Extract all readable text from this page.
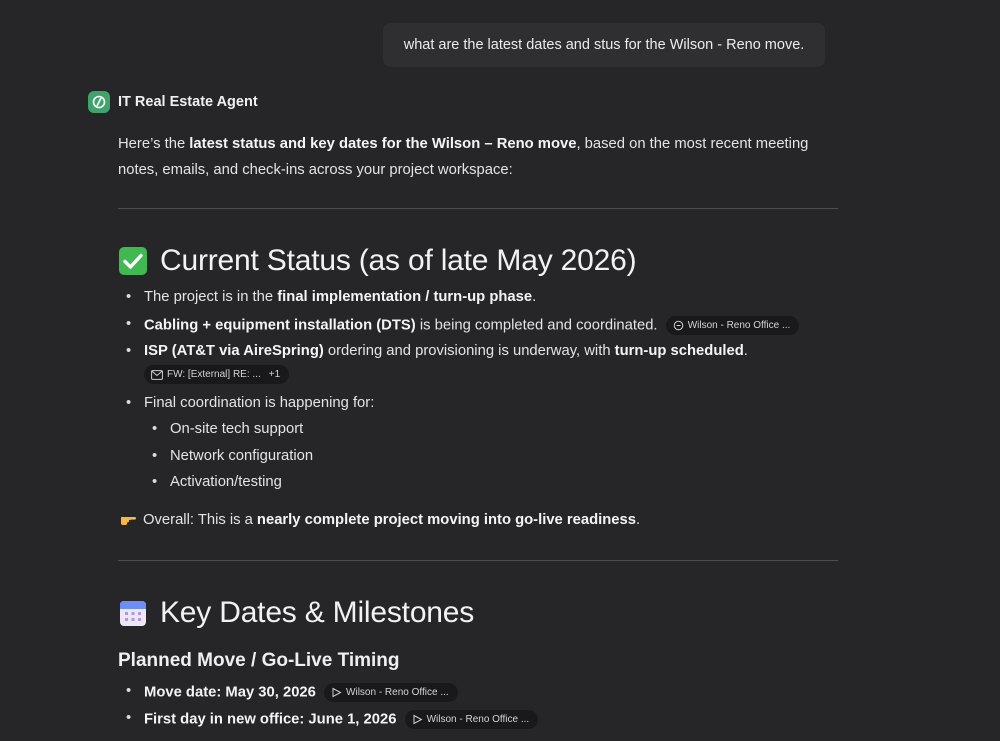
what are the latest dates and stus for the Wilson - Reno move.
IT Real Estate Agent

Here’s the latest status and key dates for the Wilson – Reno move, based on the most recent meeting notes, emails, and check-ins across your project workspace:

Current Status (as of late May 2026)
• The project is in the final implementation / turn-up phase.
• Cabling + equipment installation (DTS) is being completed and coordinated.	Wilson - Reno Office ...
• ISP (AT&T via AireSpring) ordering and provisioning is underway, with turn-up scheduled.

FW: [External] RE: ... +1
• Final coordination is happening for:
• On-site tech support
• Network configuration
• Activation/testing
Overall: This is a nearly complete project moving into go-live readiness .
Key Dates & Milestones
Planned Move / Go-Live Timing
• Move date: May 30, 2026	Wilson - Reno Office ...
• First day in new office: June 1, 2026	Wilson - Reno Office ...
